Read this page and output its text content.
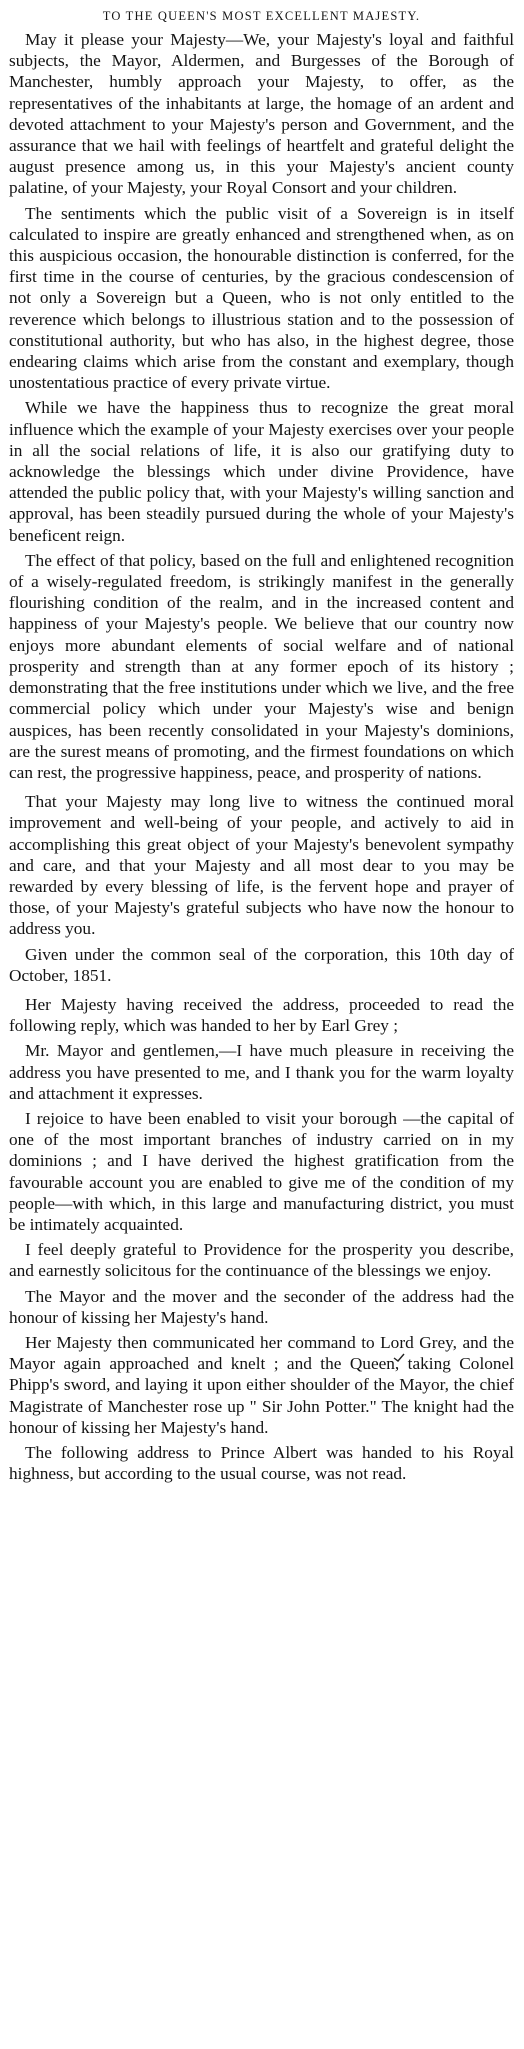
TO THE QUEEN'S MOST EXCELLENT MAJESTY.

May it please your Majesty—We, your Majesty's loyal and faithful subjects, the Mayor, Aldermen, and Burgesses of the Borough of Manchester, humbly approach your Majesty, to offer, as the representatives of the inhabitants at large, the homage of an ardent and devoted attachment to your Majesty's person and Government, and the assurance that we hail with feelings of heartfelt and grateful delight the august presence among us, in this your Majesty's ancient county palatine, of your Majesty, your Royal Consort and your children.

The sentiments which the public visit of a Sovereign is in itself calculated to inspire are greatly enhanced and strengthened when, as on this auspicious occasion, the honourable distinction is conferred, for the first time in the course of centuries, by the gracious condescension of not only a Sovereign but a Queen, who is not only entitled to the reverence which belongs to illustrious station and to the possession of constitutional authority, but who has also, in the highest degree, those endearing claims which arise from the constant and exemplary, though unostentatious practice of every private virtue.

While we have the happiness thus to recognize the great moral influence which the example of your Majesty exercises over your people in all the social relations of life, it is also our gratifying duty to acknowledge the blessings which under divine Providence, have attended the public policy that, with your Majesty's willing sanction and approval, has been steadily pursued during the whole of your Majesty's beneficent reign.

The effect of that policy, based on the full and enlightened recognition of a wisely-regulated freedom, is strikingly manifest in the generally flourishing condition of the realm, and in the increased content and happiness of your Majesty's people. We believe that our country now enjoys more abundant elements of social welfare and of national prosperity and strength than at any former epoch of its history ; demonstrating that the free institutions under which we live, and the free commercial policy which under your Majesty's wise and benign auspices, has been recently consolidated in your Majesty's dominions, are the surest means of promoting, and the firmest foundations on which can rest, the progressive happiness, peace, and prosperity of nations.

That your Majesty may long live to witness the continued moral improvement and well-being of your people, and actively to aid in accomplishing this great object of your Majesty's benevolent sympathy and care, and that your Majesty and all most dear to you may be rewarded by every blessing of life, is the fervent hope and prayer of those, of your Majesty's grateful subjects who have now the honour to address you.

Given under the common seal of the corporation, this 10th day of October, 1851.

Her Majesty having received the address, proceeded to read the following reply, which was handed to her by Earl Grey ;

Mr. Mayor and gentlemen,—I have much pleasure in receiving the address you have presented to me, and I thank you for the warm loyalty and attachment it expresses.

I rejoice to have been enabled to visit your borough —the capital of one of the most important branches of industry carried on in my dominions ; and I have derived the highest gratification from the favourable account you are enabled to give me of the condition of my people—with which, in this large and manufacturing district, you must be intimately acquainted.

I feel deeply grateful to Providence for the prosperity you describe, and earnestly solicitous for the continuance of the blessings we enjoy.

The Mayor and the mover and the seconder of the address had the honour of kissing her Majesty's hand.

Her Majesty then communicated her command to Lord Grey, and the Mayor again approached and knelt ; and the Queen, taking Colonel Phipp's sword, and laying it upon either shoulder of the Mayor, the chief Magistrate of Manchester rose up " Sir John Potter." The knight had the honour of kissing her Majesty's hand.

The following address to Prince Albert was handed to his Royal highness, but according to the usual course, was not read.
